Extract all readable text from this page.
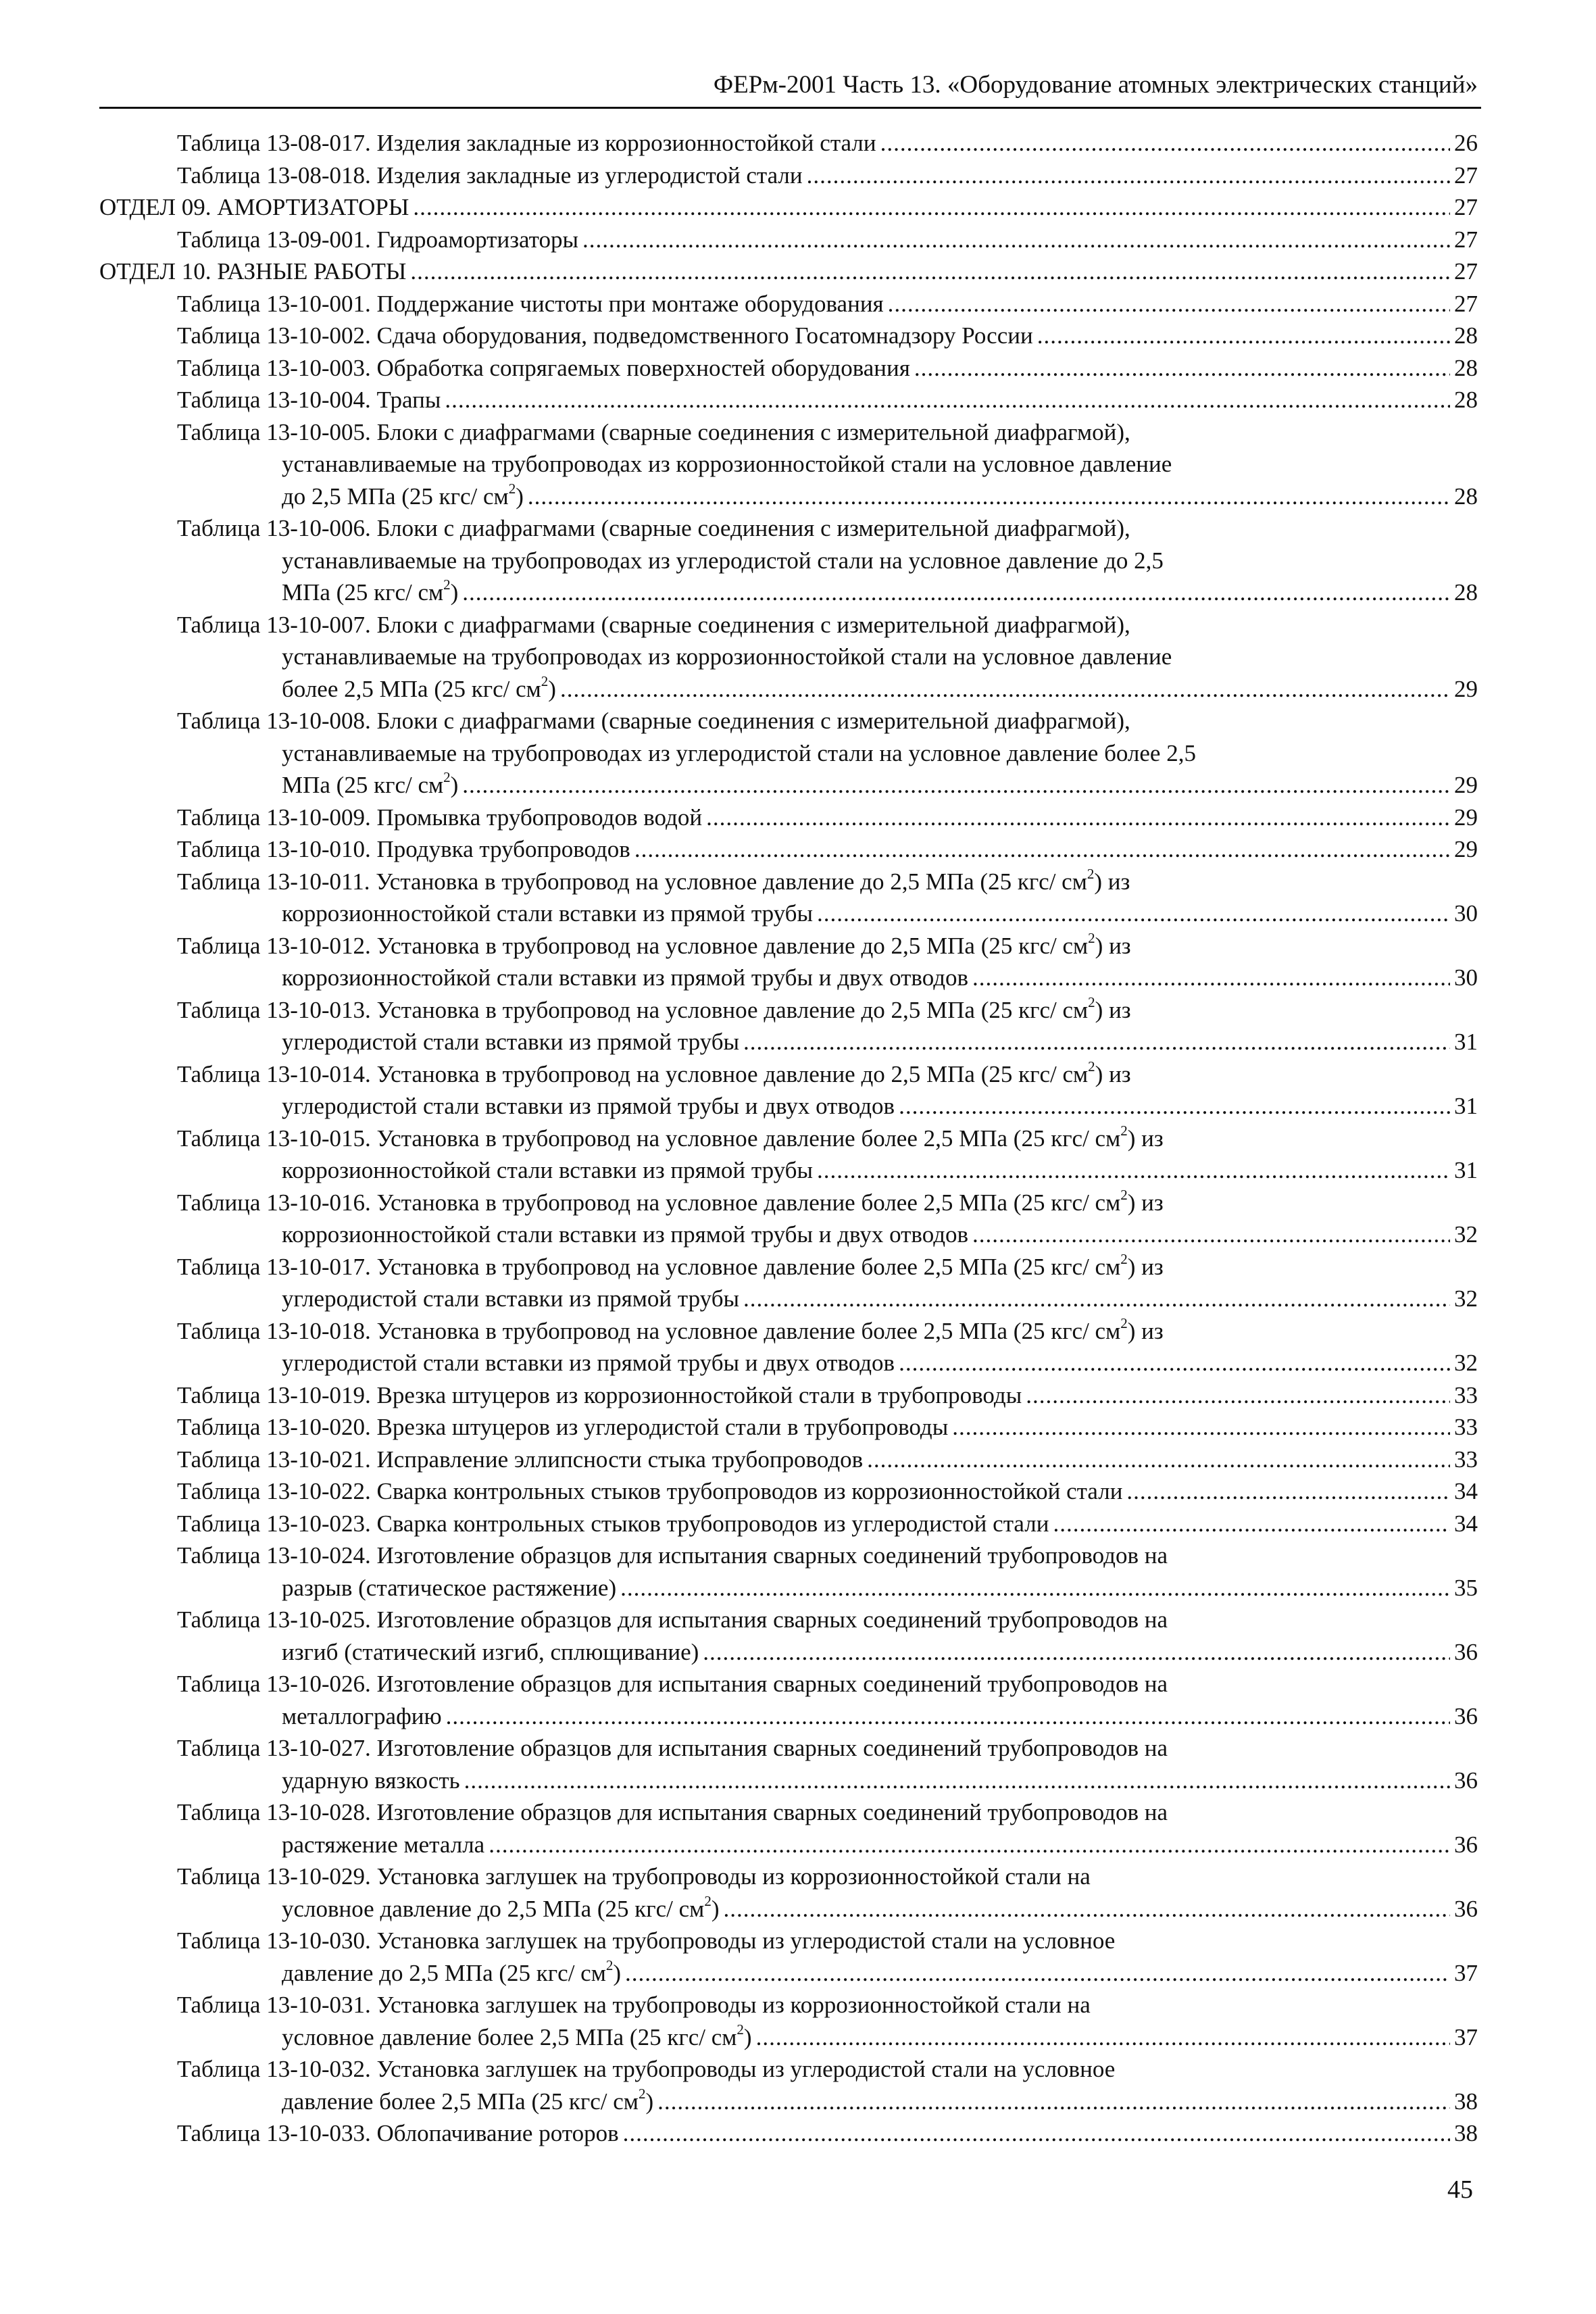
ФЕРм-2001 Часть 13. «Оборудование атомных электрических станций»
Таблица 13-08-017. Изделия закладные из коррозионностойкой стали .....	26
Таблица 13-08-018. Изделия закладные из углеродистой стали .....	27
ОТДЕЛ 09. АМОРТИЗАТОРЫ .....	27
Таблица 13-09-001. Гидроамортизаторы .....	27
ОТДЕЛ 10. РАЗНЫЕ РАБОТЫ .....	27
Таблица 13-10-001. Поддержание чистоты при монтаже оборудования .....	27
Таблица 13-10-002. Сдача оборудования, подведомственного Госатомнадзору России .....	28
Таблица 13-10-003. Обработка сопрягаемых поверхностей оборудования .....	28
Таблица 13-10-004. Трапы .....	28
Таблица 13-10-005. Блоки с диафрагмами (сварные соединения с измерительной диафрагмой),
устанавливаемые на трубопроводах из коррозионностойкой стали на условное давление
до 2,5 МПа (25 кгс/ $см^2$) .....	28
Таблица 13-10-006. Блоки с диафрагмами (сварные соединения с измерительной диафрагмой),
устанавливаемые на трубопроводах из углеродистой стали на условное давление до 2,5
МПа (25 кгс/ $см^2$) .....	28
Таблица 13-10-007. Блоки с диафрагмами (сварные соединения с измерительной диафрагмой),
устанавливаемые на трубопроводах из коррозионностойкой стали на условное давление
более 2,5 МПа (25 кгс/ $см^2$) .....	29
Таблица 13-10-008. Блоки с диафрагмами (сварные соединения с измерительной диафрагмой),
устанавливаемые на трубопроводах из углеродистой стали на условное давление более 2,5
МПа (25 кгс/ $см^2$) .....	29
Таблица 13-10-009. Промывка трубопроводов водой .....	29
Таблица 13-10-010. Продувка трубопроводов .....	29
Таблица 13-10-011. Установка в трубопровод на условное давление до 2,5 МПа (25 кгс/ $см^2$) из
коррозионностойкой стали вставки из прямой трубы .....	30
Таблица 13-10-012. Установка в трубопровод на условное давление до 2,5 МПа (25 кгс/ $см^2$) из
коррозионностойкой стали вставки из прямой трубы и двух отводов .....	30
Таблица 13-10-013. Установка в трубопровод на условное давление до 2,5 МПа (25 кгс/ $см^2$) из
углеродистой стали вставки из прямой трубы .....	31
Таблица 13-10-014. Установка в трубопровод на условное давление до 2,5 МПа (25 кгс/ $см^2$) из
углеродистой стали вставки из прямой трубы и двух отводов .....	31
Таблица 13-10-015. Установка в трубопровод на условное давление более 2,5 МПа (25 кгс/ $см^2$) из
коррозионностойкой стали вставки из прямой трубы .....	31
Таблица 13-10-016. Установка в трубопровод на условное давление более 2,5 МПа (25 кгс/ $см^2$) из
коррозионностойкой стали вставки из прямой трубы и двух отводов .....	32
Таблица 13-10-017. Установка в трубопровод на условное давление более 2,5 МПа (25 кгс/ $см^2$) из
углеродистой стали вставки из прямой трубы .....	32
Таблица 13-10-018. Установка в трубопровод на условное давление более 2,5 МПа (25 кгс/ $см^2$) из
углеродистой стали вставки из прямой трубы и двух отводов .....	32
Таблица 13-10-019. Врезка штуцеров из коррозионностойкой стали в трубопроводы .....	33
Таблица 13-10-020. Врезка штуцеров из углеродистой стали в трубопроводы .....	33
Таблица 13-10-021. Исправление эллипсности стыка трубопроводов .....	33
Таблица 13-10-022. Сварка контрольных стыков трубопроводов из коррозионностойкой стали .....	34
Таблица 13-10-023. Сварка контрольных стыков трубопроводов из углеродистой стали .....	34
Таблица 13-10-024. Изготовление образцов для испытания сварных соединений трубопроводов на
разрыв (статическое растяжение) .....	35
Таблица 13-10-025. Изготовление образцов для испытания сварных соединений трубопроводов на
изгиб (статический изгиб, сплющивание) .....	36
Таблица 13-10-026. Изготовление образцов для испытания сварных соединений трубопроводов на
металлографию .....	36
Таблица 13-10-027. Изготовление образцов для испытания сварных соединений трубопроводов на
ударную вязкость .....	36
Таблица 13-10-028. Изготовление образцов для испытания сварных соединений трубопроводов на
растяжение металла .....	36
Таблица 13-10-029. Установка заглушек на трубопроводы из коррозионностойкой стали на
условное давление до 2,5 МПа (25 кгс/ $см^2$) .....	36
Таблица 13-10-030. Установка заглушек на трубопроводы из углеродистой стали на условное
давление до 2,5 МПа (25 кгс/ $см^2$) .....	37
Таблица 13-10-031. Установка заглушек на трубопроводы из коррозионностойкой стали на
условное давление более 2,5 МПа (25 кгс/ $см^2$) .....	37
Таблица 13-10-032. Установка заглушек на трубопроводы из углеродистой стали на условное
давление более 2,5 МПа (25 кгс/ $см^2$) .....	38
Таблица 13-10-033. Облопачивание роторов .....	38
45
